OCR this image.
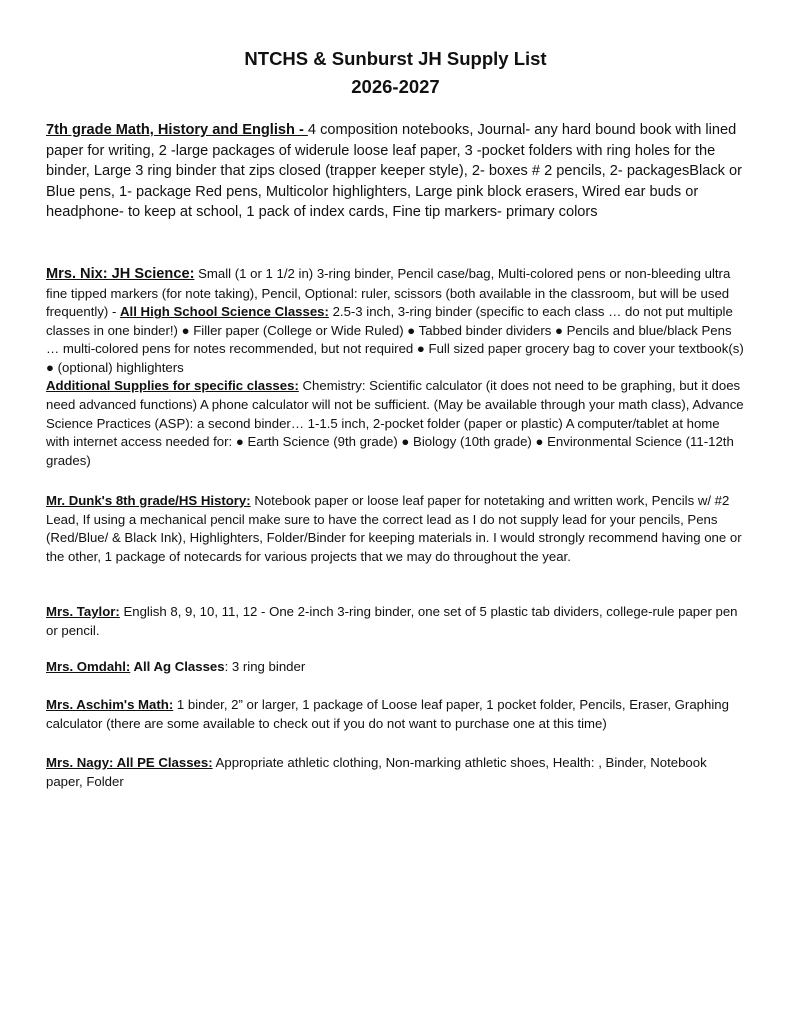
NTCHS & Sunburst JH Supply List
2026-2027
7th grade Math, History and English - 4 composition notebooks, Journal- any hard bound book with lined paper for writing, 2 -large packages of widerule loose leaf paper, 3 -pocket folders with ring holes for the binder, Large 3 ring binder that zips closed (trapper keeper style), 2- boxes # 2 pencils, 2- packagesBlack or Blue pens, 1- package Red pens, Multicolor highlighters, Large pink block erasers, Wired ear buds or headphone- to keep at school, 1 pack of index cards, Fine tip markers- primary colors
Mrs. Nix: JH Science: Small (1 or 1 1/2 in) 3-ring binder, Pencil case/bag, Multi-colored pens or non-bleeding ultra fine tipped markers (for note taking), Pencil, Optional: ruler, scissors (both available in the classroom, but will be used frequently) - All High School Science Classes: 2.5-3 inch, 3-ring binder (specific to each class … do not put multiple classes in one binder!) ● Filler paper (College or Wide Ruled) ● Tabbed binder dividers ● Pencils and blue/black Pens … multi-colored pens for notes recommended, but not required ● Full sized paper grocery bag to cover your textbook(s) ● (optional) highlighters
Additional Supplies for specific classes: Chemistry: Scientific calculator (it does not need to be graphing, but it does need advanced functions) A phone calculator will not be sufficient. (May be available through your math class), Advance Science Practices (ASP): a second binder… 1-1.5 inch, 2-pocket folder (paper or plastic) A computer/tablet at home with internet access needed for: ● Earth Science (9th grade) ● Biology (10th grade) ● Environmental Science (11-12th grades)
Mr. Dunk's 8th grade/HS History: Notebook paper or loose leaf paper for notetaking and written work, Pencils w/ #2 Lead, If using a mechanical pencil make sure to have the correct lead as I do not supply lead for your pencils, Pens (Red/Blue/ & Black Ink), Highlighters, Folder/Binder for keeping materials in. I would strongly recommend having one or the other, 1 package of notecards for various projects that we may do throughout the year.
Mrs. Taylor: English 8, 9, 10, 11, 12 - One 2-inch 3-ring binder, one set of 5 plastic tab dividers, college-rule paper pen or pencil.
Mrs. Omdahl: All Ag Classes: 3 ring binder
Mrs. Aschim's Math: 1 binder, 2” or larger, 1 package of Loose leaf paper, 1 pocket folder, Pencils, Eraser, Graphing calculator (there are some available to check out if you do not want to purchase one at this time)
Mrs. Nagy: All PE Classes: Appropriate athletic clothing, Non-marking athletic shoes, Health: , Binder, Notebook paper, Folder
